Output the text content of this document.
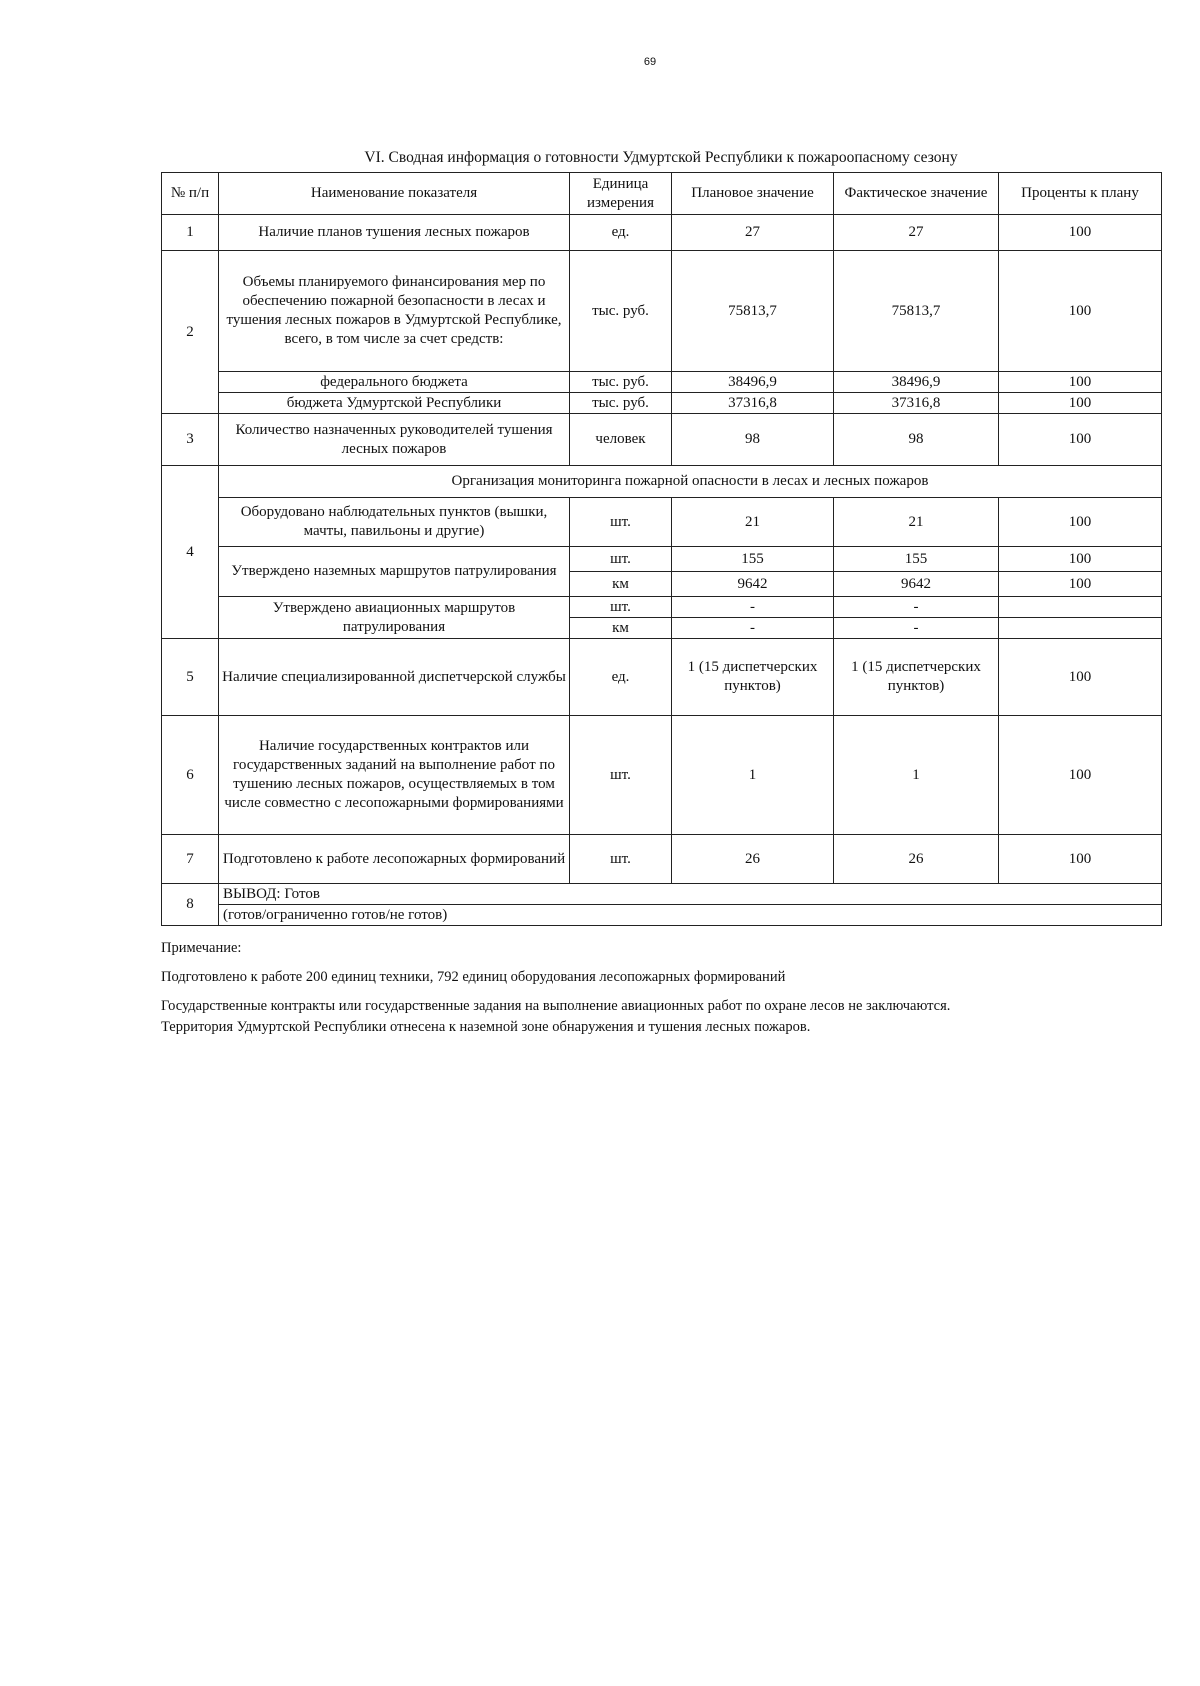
69
VI. Сводная информация о готовности Удмуртской Республики к пожароопасному сезону
№ п/п	Наименование показателя	Единица измерения	Плановое значение	Фактическое значение	Проценты к плану
1	Наличие планов тушения лесных пожаров	ед.	27	27	100
2	Объемы планируемого финансирования мер по обеспечению пожарной безопасности в лесах и тушения лесных пожаров в Удмуртской Республике, всего, в том числе за счет средств:	тыс. руб.	75813,7	75813,7	100
	федерального бюджета	тыс. руб.	38496,9	38496,9	100
	бюджета Удмуртской Республики	тыс. руб.	37316,8	37316,8	100
3	Количество назначенных руководителей тушения лесных пожаров	человек	98	98	100
4	Организация мониторинга пожарной опасности в лесах и лесных пожаров				
	Оборудовано наблюдательных пунктов (вышки, мачты, павильоны и другие)	шт.	21	21	100
	Утверждено наземных маршрутов патрулирования	шт.	155	155	100
		км	9642	9642	100
	Утверждено авиационных маршрутов патрулирования	шт.	-	-	
		км	-	-	
5	Наличие специализированной диспетчерской службы	ед.	1 (15 диспетчерских пунктов)	1 (15 диспетчерских пунктов)	100
6	Наличие государственных контрактов или государственных заданий на выполнение работ по тушению лесных пожаров, осуществляемых в том числе совместно с лесопожарными формированиями	шт.	1	1	100
7	Подготовлено к работе лесопожарных формирований	шт.	26	26	100
8	ВЫВОД: Готов				
	(готов/ограниченно готов/не готов)				

Примечание:

Подготовлено к работе 200 единиц техники, 792 единиц оборудования лесопожарных формирований

Государственные контракты или государственные задания на выполнение авиационных работ по охране лесов не заключаются.

Территория Удмуртской Республики отнесена к наземной зоне обнаружения и тушения лесных пожаров.
